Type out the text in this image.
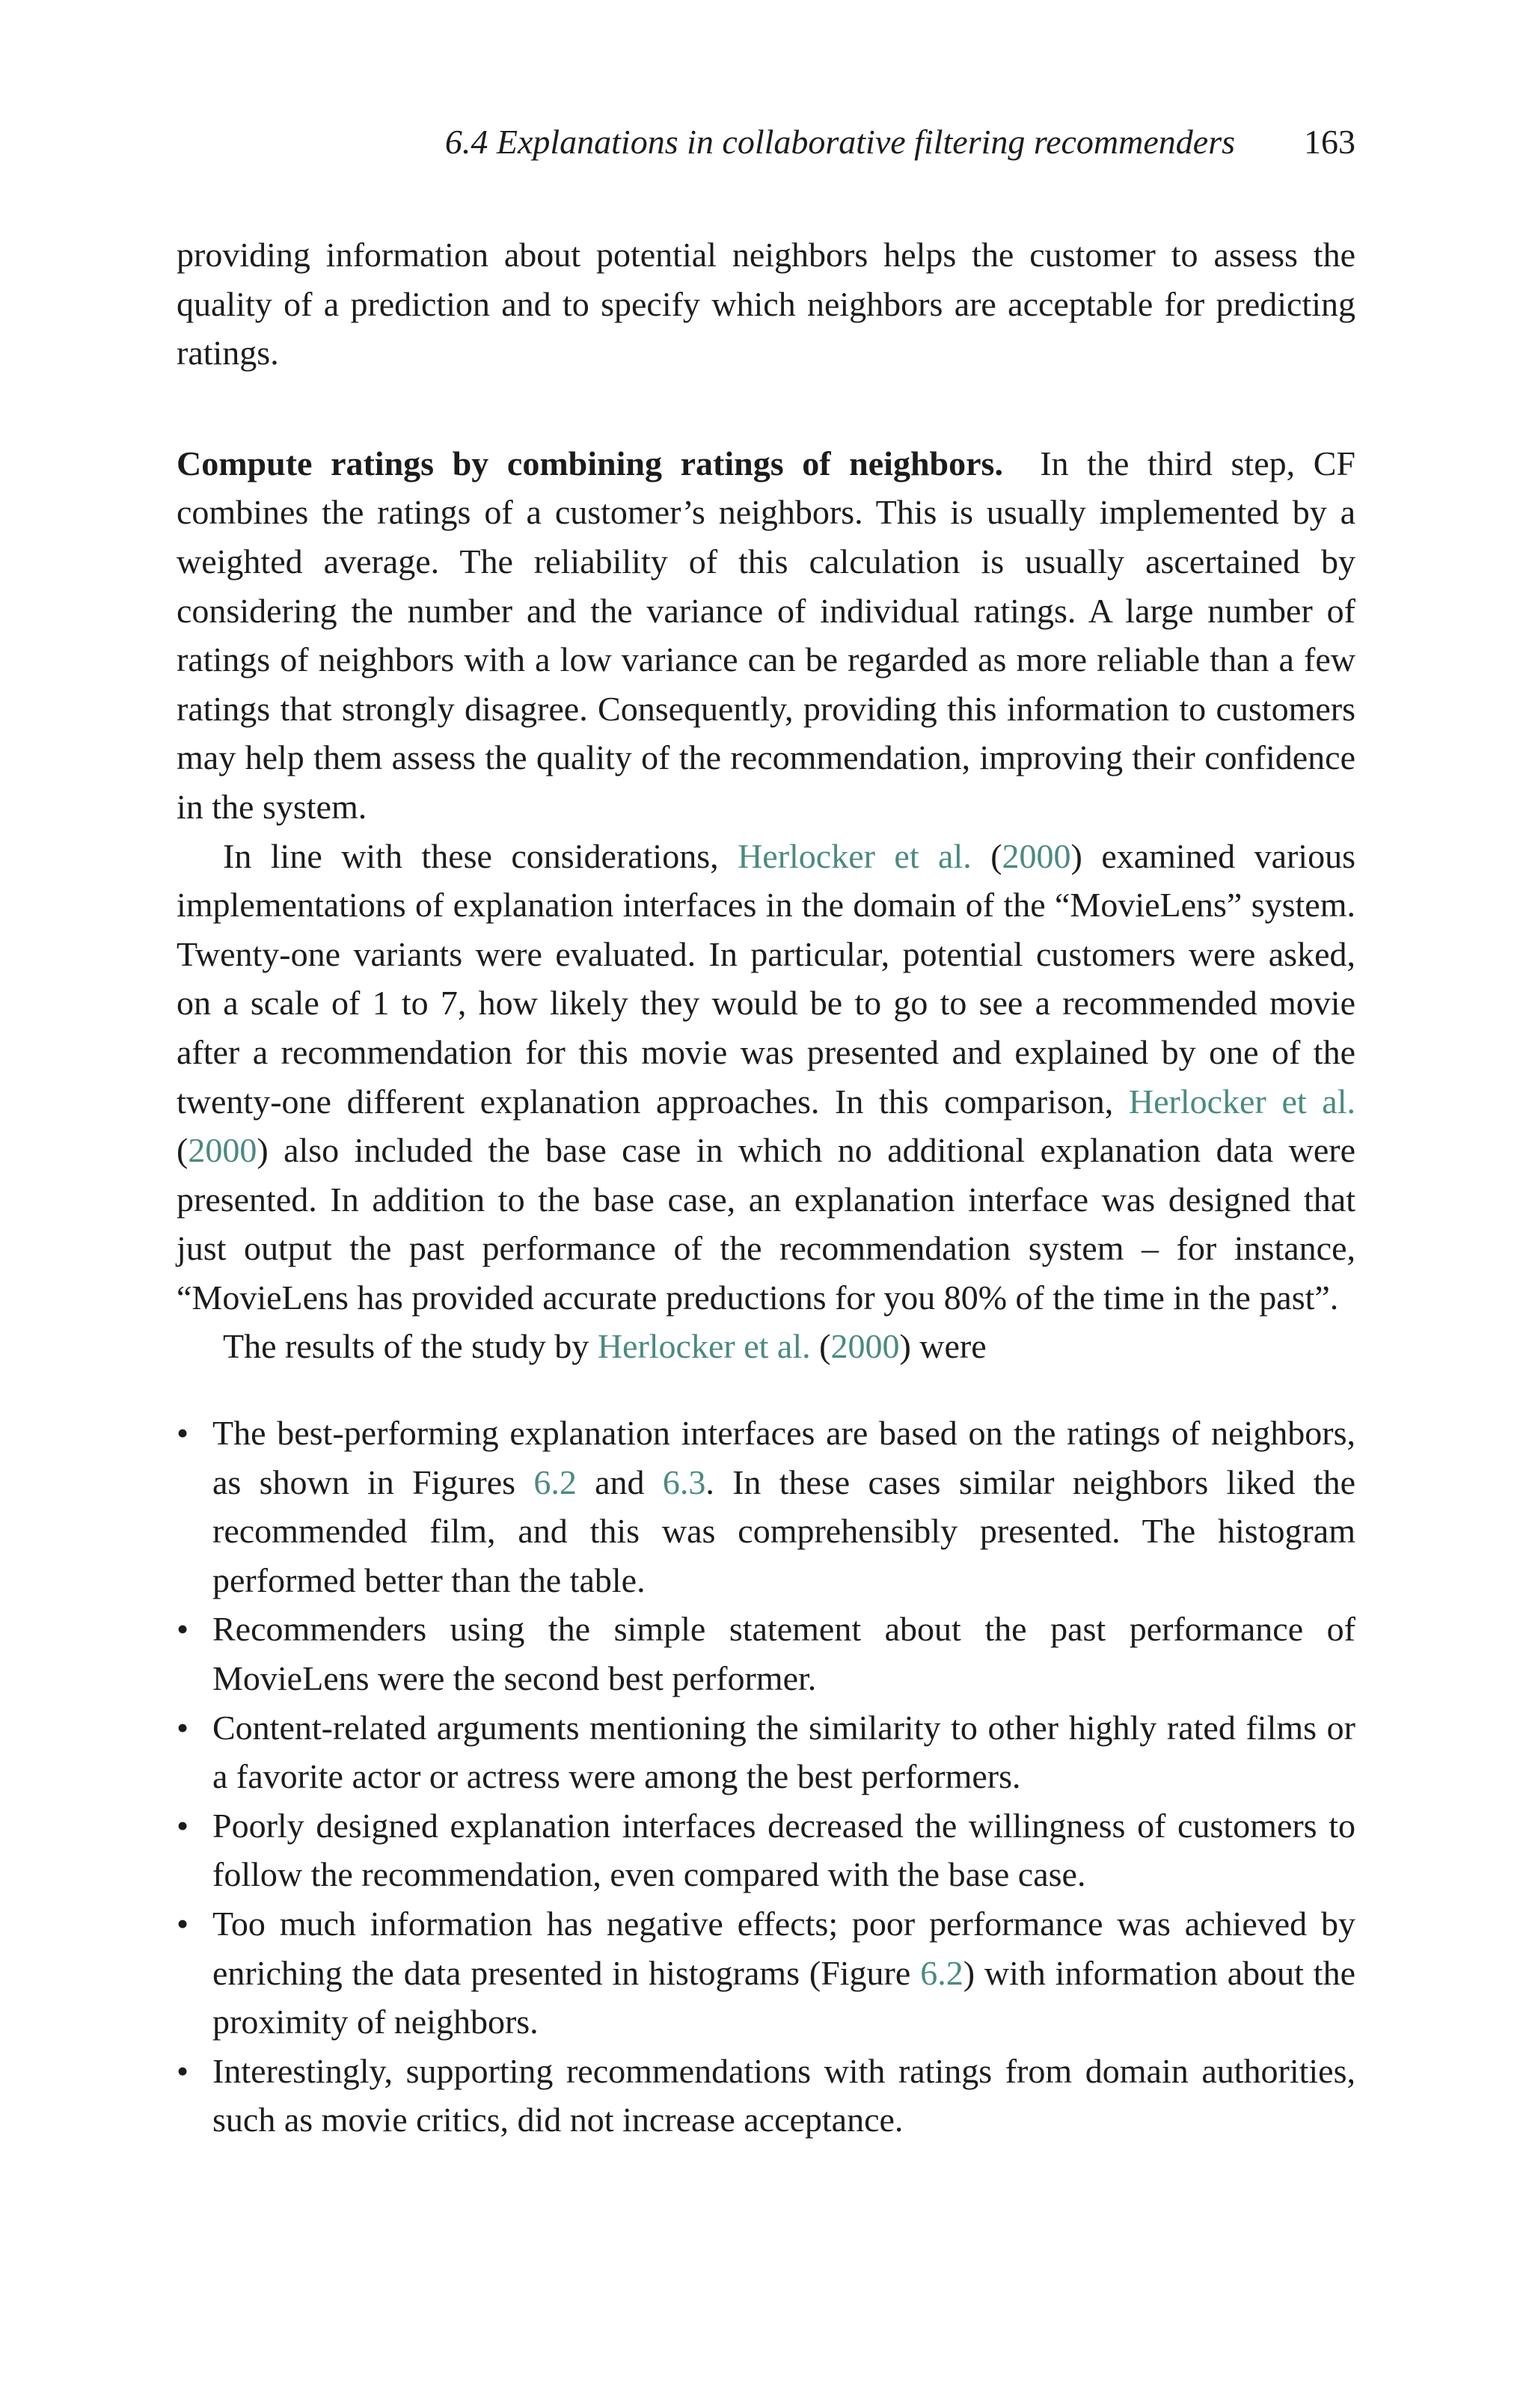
6.4 Explanations in collaborative filtering recommenders 163

providing information about potential neighbors helps the customer to assess the quality of a prediction and to specify which neighbors are acceptable for predicting ratings.

Compute ratings by combining ratings of neighbors. In the third step, CF combines the ratings of a customer’s neighbors. This is usually implemented by a weighted average. The reliability of this calculation is usually ascertained by considering the number and the variance of individual ratings. A large number of ratings of neighbors with a low variance can be regarded as more reliable than a few ratings that strongly disagree. Consequently, providing this information to customers may help them assess the quality of the recommendation, improving their confidence in the system.

In line with these considerations, Herlocker et al. (2000) examined various implementations of explanation interfaces in the domain of the “MovieLens” system. Twenty-one variants were evaluated. In particular, potential customers were asked, on a scale of 1 to 7, how likely they would be to go to see a recommended movie after a recommendation for this movie was presented and explained by one of the twenty-one different explanation approaches. In this comparison, Herlocker et al. (2000) also included the base case in which no additional explanation data were presented. In addition to the base case, an explanation interface was designed that just output the past performance of the recommendation system – for instance, “MovieLens has provided accurate preductions for you 80% of the time in the past”.

The results of the study by Herlocker et al. (2000) were

• The best-performing explanation interfaces are based on the ratings of neighbors, as shown in Figures 6.2 and 6.3. In these cases similar neighbors liked the recommended film, and this was comprehensibly presented. The histogram performed better than the table.
• Recommenders using the simple statement about the past performance of MovieLens were the second best performer.
• Content-related arguments mentioning the similarity to other highly rated films or a favorite actor or actress were among the best performers.
• Poorly designed explanation interfaces decreased the willingness of customers to follow the recommendation, even compared with the base case.
• Too much information has negative effects; poor performance was achieved by enriching the data presented in histograms (Figure 6.2) with information about the proximity of neighbors.
• Interestingly, supporting recommendations with ratings from domain authorities, such as movie critics, did not increase acceptance.
